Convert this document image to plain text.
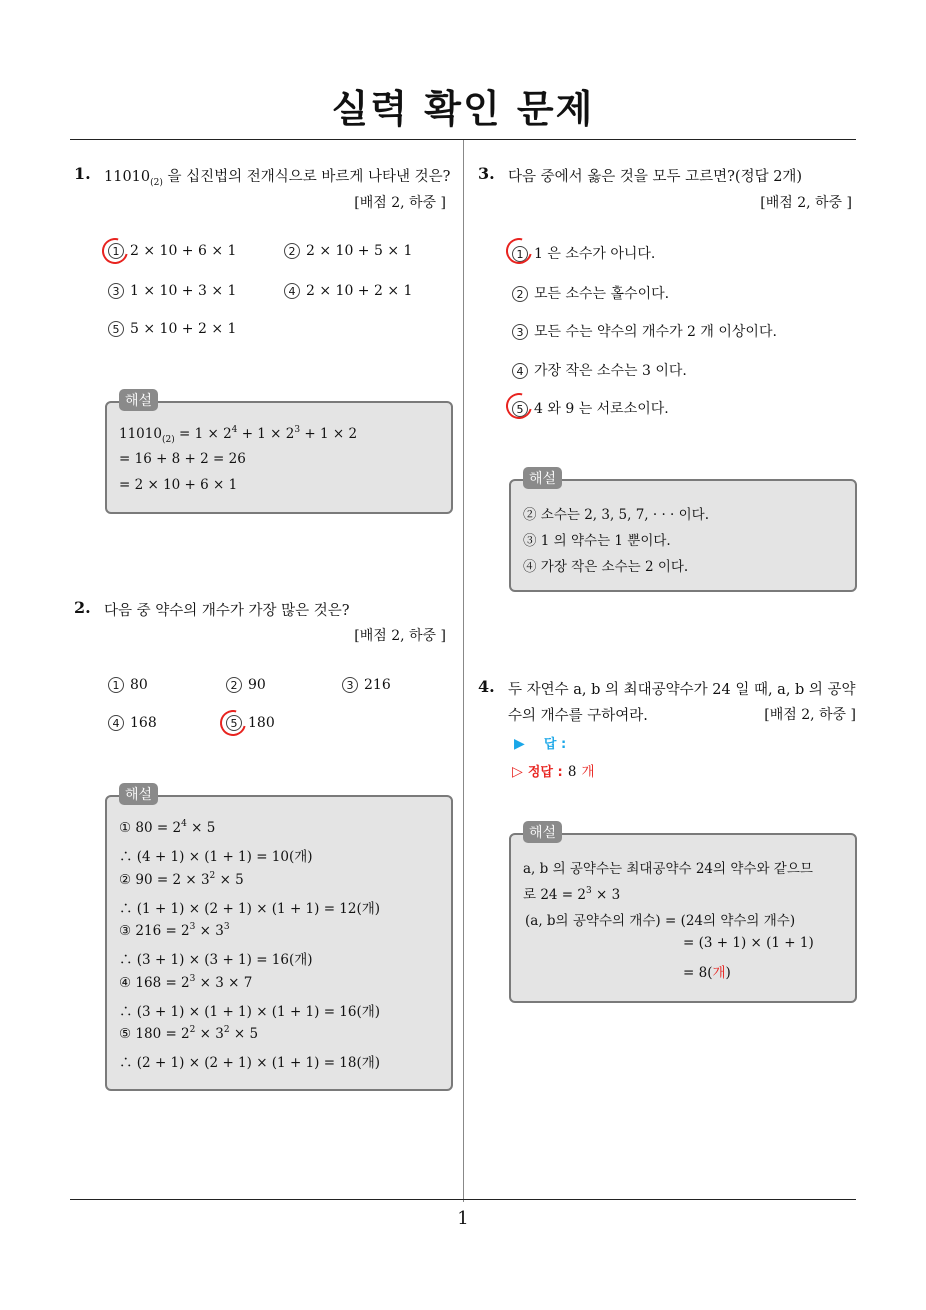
실력 확인 문제
1. $11010_{(2)}$ 을 십진법의 전개식으로 바르게 나타낸 것은?
[배점 2, 하중 ]
1 2 × 10 + 6 × 1	2 2 × 10 + 5 × 1
3 1 × 10 + 3 × 1	4 2 × 10 + 2 × 1
5 5 × 10 + 2 × 1
$11010_{(2)} = 1 \times 2^4 + 1 \times 2^3 + 1 \times 2$
= 16 + 8 + 2 = 26
= 2 × 10 + 6 × 1
해설
2. 다음 중 약수의 개수가 가장 많은 것은?
[배점 2, 하중 ]
1 80	2 90	3 216
4 168	5 180
① $80 = 2^4 \times 5$
∴ (4 + 1) × (1 + 1) = 10(개)
② $90 = 2 \times 3^2 \times 5$
∴ (1 + 1) × (2 + 1) × (1 + 1) = 12(개)
③ $216 = 2^3 \times 3^3$
∴ (3 + 1) × (3 + 1) = 16(개)
④ $168 = 2^3 \times 3 \times 7$
∴ (3 + 1) × (1 + 1) × (1 + 1) = 16(개)
⑤ $180 = 2^2 \times 3^2 \times 5$
∴ (2 + 1) × (2 + 1) × (1 + 1) = 18(개)
해설
3. 다음 중에서 옳은 것을 모두 고르면?(정답 2개)
[배점 2, 하중 ]
1 1 은 소수가 아니다.
2 모든 소수는 홀수이다.
3 모든 수는 약수의 개수가 2 개 이상이다.
4 가장 작은 소수는 3 이다.
5 4 와 9 는 서로소이다.
② 소수는 2, 3, 5, 7, · · · 이다.
③ 1 의 약수는 1 뿐이다.
④ 가장 작은 소수는 2 이다.
해설
4. 두 자연수 a, b 의 최대공약수가 24 일 때, a, b 의 공약
수의 개수를 구하여라.	[배점 2, 하중 ]
▶ 답 :
▷ 정답 : 8 개
a, b 의 공약수는 최대공약수 24의 약수와 같으므
로 $24 = 2^3 \times 3$
(a, b의 공약수의 개수) = (24의 약수의 개수)
= (3 + 1) × (1 + 1)
= 8(개)
해설
1
